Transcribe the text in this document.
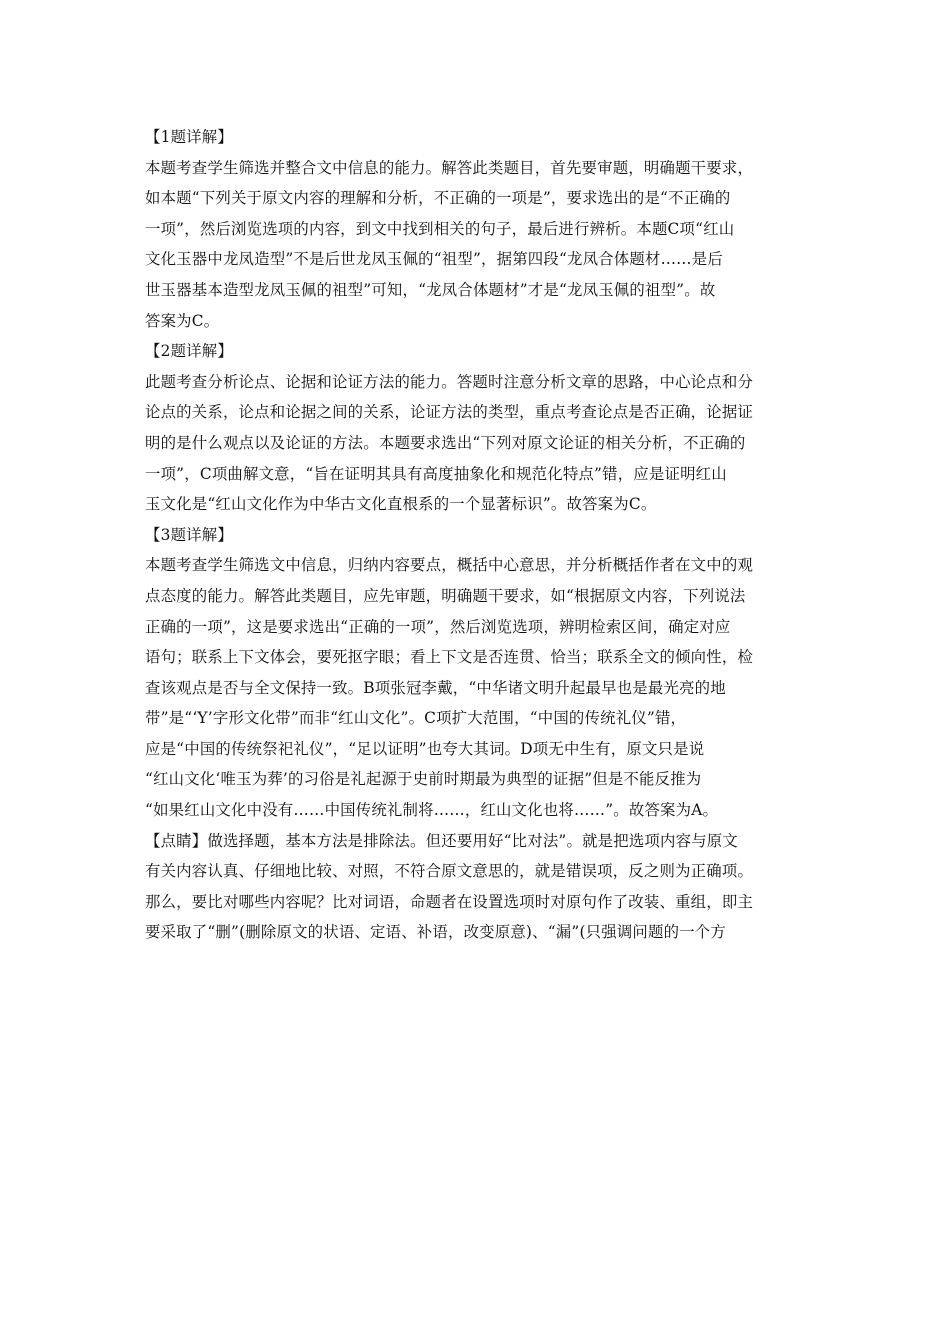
【1题详解】
本题考查学生筛选并整合文中信息的能力。解答此类题目，首先要审题，明确题干要求，
如本题“下列关于原文内容的理解和分析，不正确的一项是”，要求选出的是“不正确的
一项”，然后浏览选项的内容，到文中找到相关的句子，最后进行辨析。本题C项“红山
文化玉器中龙凤造型”不是后世龙凤玉佩的“祖型”，据第四段“龙凤合体题材……是后
世玉器基本造型龙凤玉佩的祖型”可知，“龙凤合体题材”才是“龙凤玉佩的祖型”。故
答案为C。
【2题详解】
此题考查分析论点、论据和论证方法的能力。答题时注意分析文章的思路，中心论点和分
论点的关系，论点和论据之间的关系，论证方法的类型，重点考查论点是否正确，论据证
明的是什么观点以及论证的方法。本题要求选出“下列对原文论证的相关分析，不正确的
一项”，C项曲解文意，“旨在证明其具有高度抽象化和规范化特点”错，应是证明红山
玉文化是“红山文化作为中华古文化直根系的一个显著标识”。故答案为C。
【3题详解】
本题考查学生筛选文中信息，归纳内容要点，概括中心意思，并分析概括作者在文中的观
点态度的能力。解答此类题目，应先审题，明确题干要求，如“根据原文内容，下列说法
正确的一项”，这是要求选出“正确的一项”，然后浏览选项，辨明检索区间，确定对应
语句；联系上下文体会，要死抠字眼；看上下文是否连贯、恰当；联系全文的倾向性，检
查该观点是否与全文保持一致。B项张冠李戴，“中华诸文明升起最早也是最光亮的地
带”是“‘Y’字形文化带”而非“红山文化”。C项扩大范围，“中国的传统礼仪”错，
应是“中国的传统祭祀礼仪”，“足以证明”也夸大其词。D项无中生有，原文只是说
“红山文化‘唯玉为葬’的习俗是礼起源于史前时期最为典型的证据”但是不能反推为
“如果红山文化中没有……中国传统礼制将……，红山文化也将……”。故答案为A。
【点睛】做选择题，基本方法是排除法。但还要用好“比对法”。就是把选项内容与原文
有关内容认真、仔细地比较、对照，不符合原文意思的，就是错误项，反之则为正确项。
那么，要比对哪些内容呢？比对词语，命题者在设置选项时对原句作了改装、重组，即主
要采取了“删”(删除原文的状语、定语、补语，改变原意)、“漏”(只强调问题的一个方
